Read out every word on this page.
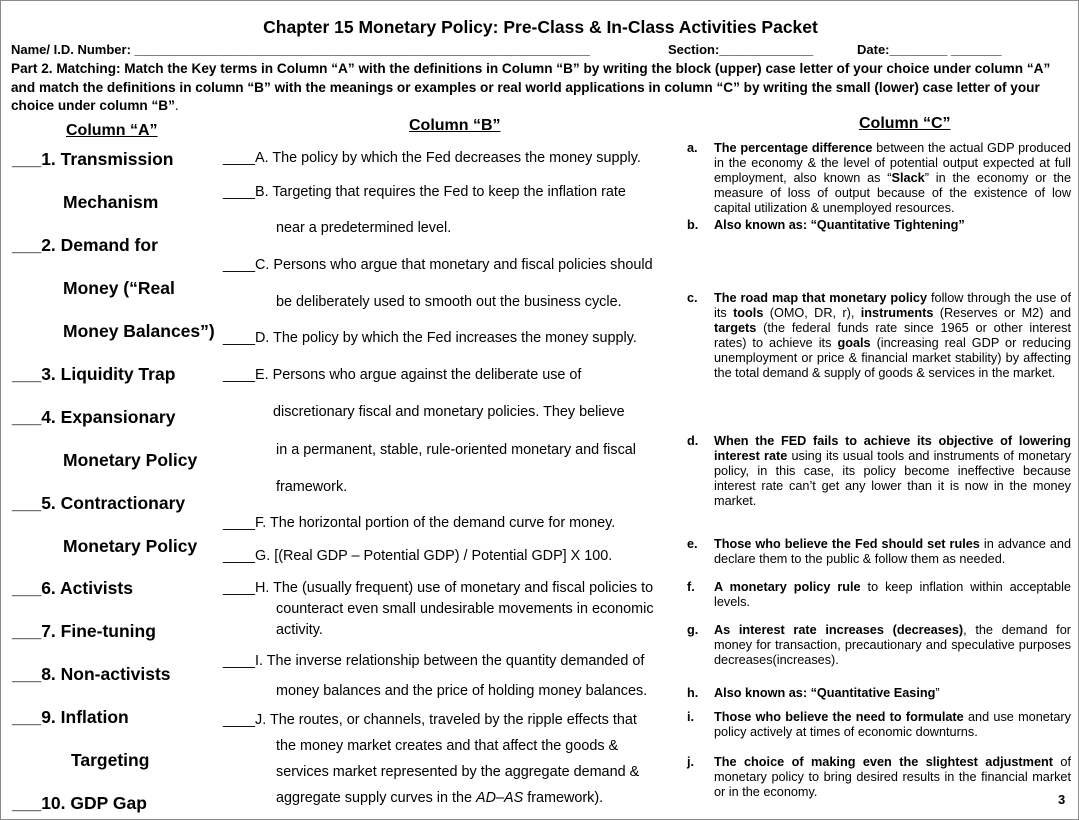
Chapter 15 Monetary Policy: Pre-Class & In-Class Activities Packet
Name/ I.D. Number: _______________________________________________________________	Section:_____________	Date:________ _______
Part 2. Matching: Match the Key terms in Column “A” with the definitions in Column “B” by writing the block (upper) case letter of your choice under column “A” and match the definitions in column “B” with the meanings or examples or real world applications in column “C” by writing the small (lower) case letter of your choice under column “B”.
Column “A”	Column “B”	Column “C”
___1. Transmission
Mechanism
___2. Demand for
Money (“Real
Money Balances”)
___3. Liquidity Trap
___4. Expansionary
Monetary Policy
___5. Contractionary
Monetary Policy
___6. Activists
___7. Fine-tuning
___8. Non-activists
___9. Inflation
Targeting
___10. GDP Gap
____A. The policy by which the Fed decreases the money supply.
____B. Targeting that requires the Fed to keep the inflation rate
near a predetermined level.
____C. Persons who argue that monetary and fiscal policies should
be deliberately used to smooth out the business cycle.
____D. The policy by which the Fed increases the money supply.
____E. Persons who argue against the deliberate use of
discretionary fiscal and monetary policies. They believe
in a permanent, stable, rule-oriented monetary and fiscal
framework.
____F. The horizontal portion of the demand curve for money.
____G. [(Real GDP – Potential GDP) / Potential GDP] X 100.
____H. The (usually frequent) use of monetary and fiscal policies to
counteract even small undesirable movements in economic
activity.
____I. The inverse relationship between the quantity demanded of
money balances and the price of holding money balances.
____J. The routes, or channels, traveled by the ripple effects that
the money market creates and that affect the goods &
services market represented by the aggregate demand &
aggregate supply curves in the AD–AS framework).
a. The percentage difference between the actual GDP produced in the economy & the level of potential output expected at full employment, also known as “Slack” in the economy or the measure of loss of output because of the existence of low capital utilization & unemployed resources.
b. Also known as: “Quantitative Tightening”
c. The road map that monetary policy follow through the use of its tools (OMO, DR, r), instruments (Reserves or M2) and targets (the federal funds rate since 1965 or other interest rates) to achieve its goals (increasing real GDP or reducing unemployment or price & financial market stability) by affecting the total demand & supply of goods & services in the market.
d. When the FED fails to achieve its objective of lowering interest rate using its usual tools and instruments of monetary policy, in this case, its policy become ineffective because interest rate can’t get any lower than it is now in the money market.
e. Those who believe the Fed should set rules in advance and declare them to the public & follow them as needed.
f. A monetary policy rule to keep inflation within acceptable levels.
g. As interest rate increases (decreases), the demand for money for transaction, precautionary and speculative purposes decreases(increases).
h. Also known as: “Quantitative Easing”
i. Those who believe the need to formulate and use monetary policy actively at times of economic downturns.
j. The choice of making even the slightest adjustment of monetary policy to bring desired results in the financial market or in the economy.	3
